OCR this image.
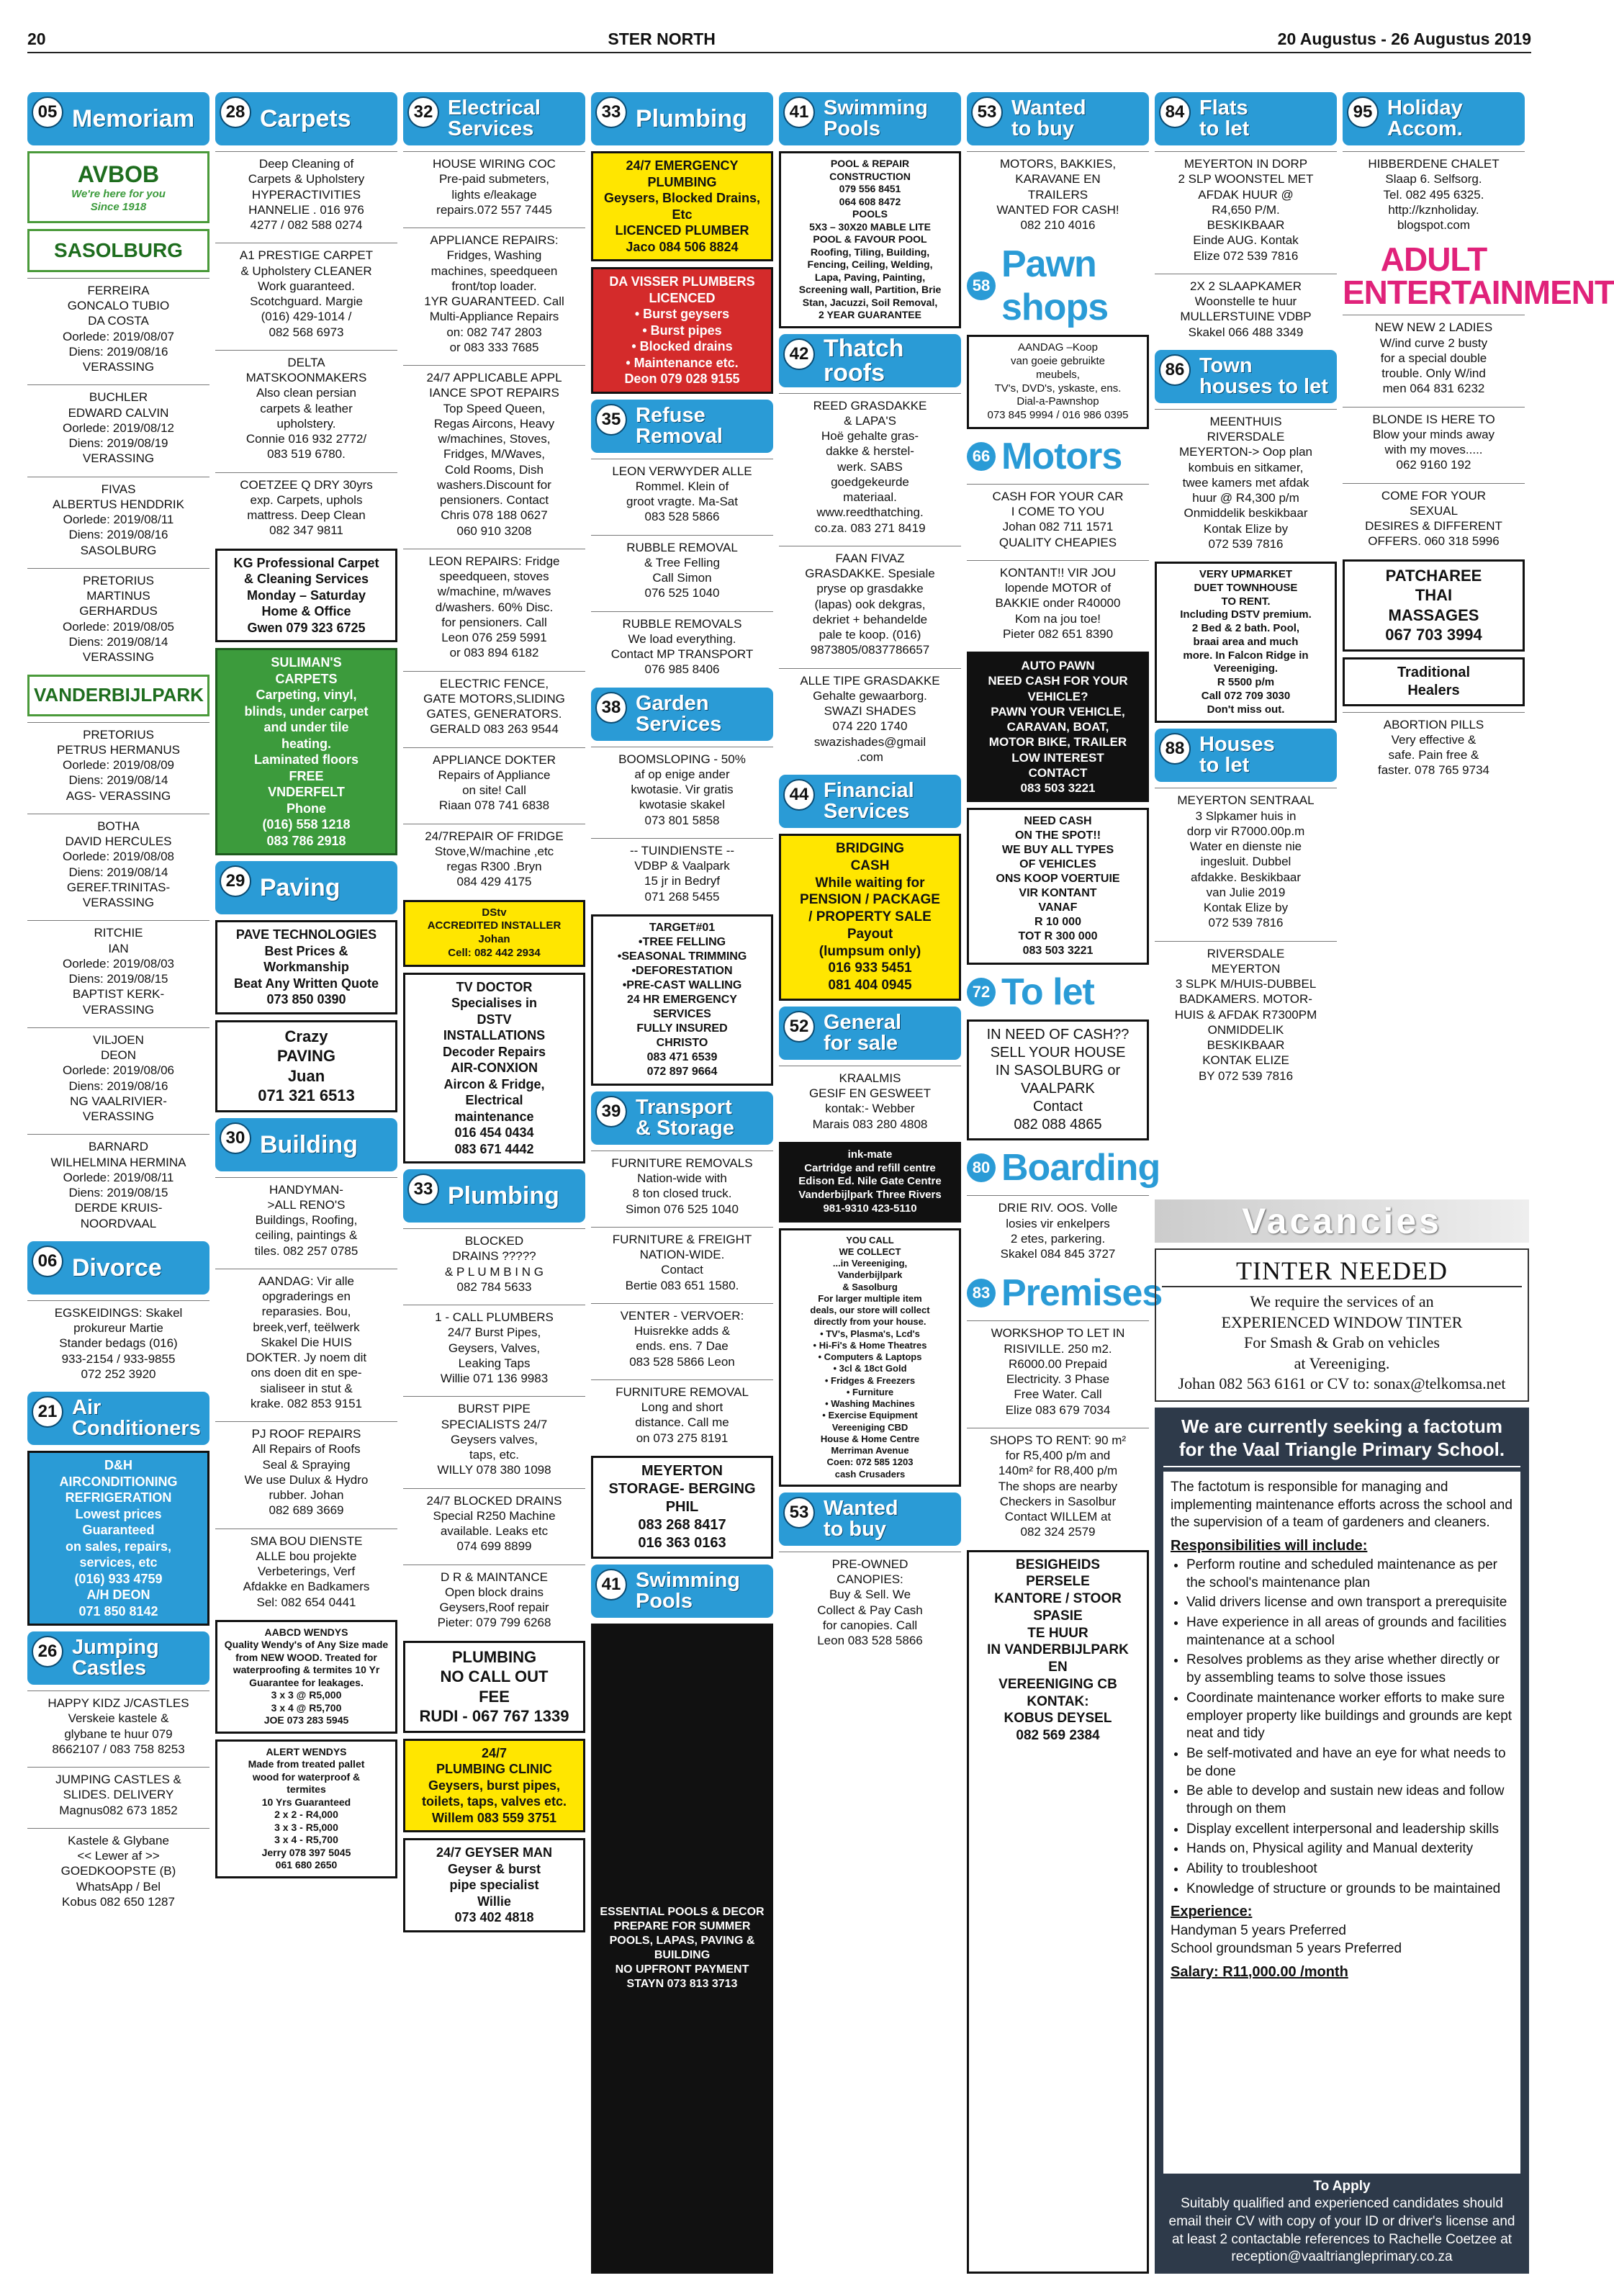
20	STER NORTH	20 Augustus - 26 Augustus 2019
05 Memoriam
AVBOB
We're here for you
Since 1918
SASOLBURG
FERREIRA
GONCALO TUBIO
DA COSTA
Oorlede: 2019/08/07
Diens: 2019/08/16
VERASSING
BUCHLER
EDWARD CALVIN
Oorlede: 2019/08/12
Diens: 2019/08/19
VERASSING
FIVAS
ALBERTUS HENDDRIK
Oorlede: 2019/08/11
Diens: 2019/08/16
SASOLBURG
PRETORIUS
MARTINUS
GERHARDUS
Oorlede: 2019/08/05
Diens: 2019/08/14
VERASSING
VANDERBIJLPARK
PRETORIUS
PETRUS HERMANUS
Oorlede: 2019/08/09
Diens: 2019/08/14
AGS- VERASSING
BOTHA
DAVID HERCULES
Oorlede: 2019/08/08
Diens: 2019/08/14
GEREF.TRINITAS-
VERASSING
RITCHIE
IAN
Oorlede: 2019/08/03
Diens: 2019/08/15
BAPTIST KERK-
VERASSING
VILJOEN
DEON
Oorlede: 2019/08/06
Diens: 2019/08/16
NG VAALRIVIER-
VERASSING
BARNARD
WILHELMINA HERMINA
Oorlede: 2019/08/11
Diens: 2019/08/15
DERDE KRUIS-
NOORDVAAL
06 Divorce
EGSKEIDINGS: Skakel
prokureur Martie
Stander bedags (016)
933-2154 / 933-9855
072 252 3920
21 Air
Conditioners
D&H
AIRCONDITIONING
REFRIGERATION
Lowest prices
Guaranteed
on sales, repairs,
services, etc
(016) 933 4759
A/H DEON
071 850 8142
26 Jumping
Castles
HAPPY KIDZ J/CASTLES
Verskeie kastele &
glybane te huur 079
8662107 / 083 758 8253
JUMPING CASTLES &
SLIDES. DELIVERY
Magnus082 673 1852
Kastele & Glybane
<< Lewer af >>
GOEDKOOPSTE (B)
WhatsApp / Bel
Kobus 082 650 1287
28 Carpets
Deep Cleaning of
Carpets & Upholstery
HYPERACTIVITIES
HANNELIE . 016 976
4277 / 082 588 0274
A1 PRESTIGE CARPET
& Upholstery CLEANER
Work guaranteed.
Scotchguard. Margie
(016) 429-1014 /
082 568 6973
DELTA
MATSKOONMAKERS
Also clean persian
carpets & leather
upholstery.
Connie 016 932 2772/
083 519 6780.
COETZEE Q DRY 30yrs
exp. Carpets, uphols
mattress. Deep Clean
082 347 9811
KG Professional Carpet
& Cleaning Services
Monday – Saturday
Home & Office
Gwen 079 323 6725
SULIMAN'S
CARPETS
Carpeting, vinyl,
blinds, under carpet
and under tile
heating.
Laminated floors
FREE
VNDERFELT
Phone
(016) 558 1218
083 786 2918
29 Paving
PAVE TECHNOLOGIES
Best Prices & Workmanship
Beat Any Written Quote
073 850 0390
Crazy
PAVING
Juan
071 321 6513
30 Building
HANDYMAN-
>ALL RENO'S
Buildings, Roofing,
ceiling, paintings &
tiles. 082 257 0785
AANDAG: Vir alle
opgraderings en
reparasies. Bou,
breek,verf, teëlwerk
Skakel Die HUIS
DOKTER. Jy noem dit
ons doen dit en spe-
sialiseer in stut &
krake. 082 853 9151
PJ ROOF REPAIRS
All Repairs of Roofs
Seal & Spraying
We use Dulux & Hydro
rubber. Johan
082 689 3669
SMA BOU DIENSTE
ALLE bou projekte
Verbeterings, Verf
Afdakke en Badkamers
Sel: 082 654 0441
AABCD WENDYS
Quality Wendy's of Any Size made
from NEW WOOD. Treated for
waterproofing & termites 10 Yr
Guarantee for leakages.
3 x 3 @ R5,000
3 x 4 @ R5,700
JOE 073 283 5945
ALERT WENDYS
Made from treated pallet
wood for waterproof &
termites
10 Yrs Guaranteed
2 x 2 - R4,000
3 x 3 - R5,000
3 x 4 - R5,700
Jerry 078 397 5045
061 680 2650
32 Electrical
Services
HOUSE WIRING COC
Pre-paid submeters,
lights e/leakage
repairs.072 557 7445
APPLIANCE REPAIRS:
Fridges, Washing
machines, speedqueen
front/top loader.
1YR GUARANTEED. Call
Multi-Appliance Repairs
on: 082 747 2803
or 083 333 7685
24/7 APPLICABLE APPL
IANCE SPOT REPAIRS
Top Speed Queen,
Regas Aircons, Heavy
w/machines, Stoves,
Fridges, M/Waves,
Cold Rooms, Dish
washers.Discount for
pensioners. Contact
Chris 078 188 0627
060 910 3208
LEON REPAIRS: Fridge
speedqueen, stoves
w/machine, m/waves
d/washers. 60% Disc.
for pensioners. Call
Leon 076 259 5991
or 083 894 6182
ELECTRIC FENCE,
GATE MOTORS,SLIDING
GATES, GENERATORS.
GERALD 083 263 9544
APPLIANCE DOKTER
Repairs of Appliance
on site! Call
Riaan 078 741 6838
24/7REPAIR OF FRIDGE
Stove,W/machine ,etc
regas R300 .Bryn
084 429 4175
DStv
ACCREDITED INSTALLER
Johan
Cell: 082 442 2934
TV DOCTOR
Specialises in
DSTV
INSTALLATIONS
Decoder Repairs
AIR-CONXION
Aircon & Fridge,
Electrical
maintenance
016 454 0434
083 671 4442
33 Plumbing
BLOCKED
DRAINS ?????
& P L U M B I N G
082 784 5633
1 - CALL PLUMBERS
24/7 Burst Pipes,
Geysers, Valves,
Leaking Taps
Willie 071 136 9983
BURST PIPE
SPECIALISTS 24/7
Geysers valves,
taps, etc.
WILLY 078 380 1098
24/7 BLOCKED DRAINS
Special R250 Machine
available. Leaks etc
074 699 8899
D R & MAINTANCE
Open block drains
Geysers,Roof repair
Pieter: 079 799 6268
PLUMBING
NO CALL OUT
FEE
RUDI - 067 767 1339
24/7
PLUMBING CLINIC
Geysers, burst pipes,
toilets, taps, valves etc.
Willem 083 559 3751
24/7 GEYSER MAN
Geyser & burst
pipe specialist
Willie
073 402 4818
33 Plumbing
24/7 EMERGENCY
PLUMBING
Geysers, Blocked Drains, Etc
LICENCED PLUMBER
Jaco 084 506 8824
DA VISSER PLUMBERS
LICENCED
• Burst geysers
• Burst pipes
• Blocked drains
• Maintenance etc.
Deon 079 028 9155
35 Refuse
Removal
LEON VERWYDER ALLE
Rommel. Klein of
groot vragte. Ma-Sat
083 528 5866
RUBBLE REMOVAL
& Tree Felling
Call Simon
076 525 1040
RUBBLE REMOVALS
We load everything.
Contact MP TRANSPORT
076 985 8406
38 Garden
Services
BOOMSLOPING - 50%
af op enige ander
kwotasie. Vir gratis
kwotasie skakel
073 801 5858
-- TUINDIENSTE --
VDBP & Vaalpark
15 jr in Bedryf
071 268 5455
TARGET#01
•TREE FELLING
•SEASONAL TRIMMING
•DEFORESTATION
•PRE-CAST WALLING
24 HR EMERGENCY SERVICES
FULLY INSURED
CHRISTO
083 471 6539
072 897 9664
39 Transport
& Storage
FURNITURE REMOVALS
Nation-wide with
8 ton closed truck.
Simon 076 525 1040
FURNITURE & FREIGHT
NATION-WIDE.
Contact
Bertie 083 651 1580.
VENTER - VERVOER:
Huisrekke adds &
ends. ens. 7 Dae
083 528 5866 Leon
FURNITURE REMOVAL
Long and short
distance. Call me
on 073 275 8191
MEYERTON
STORAGE- BERGING
PHIL
083 268 8417
016 363 0163
41 Swimming
Pools
ESSENTIAL POOLS & DECOR
PREPARE FOR SUMMER
POOLS, LAPAS, PAVING &
BUILDING
NO UPFRONT PAYMENT
STAYN 073 813 3713
41 Swimming
Pools
POOL & REPAIR
CONSTRUCTION
079 556 8451
064 608 8472
POOLS
5X3 – 30X20 MABLE LITE
POOL & FAVOUR POOL
Roofing, Tiling, Building,
Fencing, Ceiling, Welding,
Lapa, Paving, Painting,
Screening wall, Partition, Brie
Stan, Jacuzzi, Soil Removal,
2 YEAR GUARANTEE
42 Thatch roofs
REED GRASDAKKE
& LAPA'S
Hoë gehalte gras-
dakke & herstel-
werk. SABS
goedgekeurde
materiaal.
www.reedthatching.
co.za. 083 271 8419
FAAN FIVAZ
GRASDAKKE. Spesiale
pryse op grasdakke
(lapas) ook dekgras,
dekriet + behandelde
pale te koop. (016)
9873805/0837786657
ALLE TIPE GRASDAKKE
Gehalte gewaarborg.
SWAZI SHADES
074 220 1740
swazishades@gmail
.com
44 Financial
Services
BRIDGING
CASH
While waiting for
PENSION / PACKAGE
/ PROPERTY SALE
Payout
(lumpsum only)
016 933 5451
081 404 0945
52 General
for sale
KRAALMIS
GESIF EN GESWEET
kontak:- Webber
Marais 083 280 4808
ink-mate
Cartridge and refill centre
Edison Ed. Nile Gate Centre
Vanderbijlpark Three Rivers
981-9310 423-5110
YOU CALL
WE COLLECT
...in Vereeniging,
Vanderbijlpark
& Sasolburg
For larger multiple item
deals, our store will collect
directly from your house.
• TV's, Plasma's, Lcd's
• Hi-Fi's & Home Theatres
• Computers & Laptops
• 3cl & 18ct Gold
• Fridges & Freezers
• Furniture
• Washing Machines
• Exercise Equipment
Vereeniging CBD
House & Home Centre
Merriman Avenue
Coen: 072 585 1203
cash Crusaders
53 Wanted
to buy
PRE-OWNED
CANOPIES:
Buy & Sell. We
Collect & Pay Cash
for canopies. Call
Leon 083 528 5866
53 Wanted
to buy
MOTORS, BAKKIES,
KARAVANE EN
TRAILERS
WANTED FOR CASH!
082 210 4016
58
Pawn shops
AANDAG –Koop
van goeie gebruikte
meubels,
TV's, DVD's, yskaste, ens.
Dial-a-Pawnshop
073 845 9994 / 016 986 0395
66 Motors
CASH FOR YOUR CAR
I COME TO YOU
Johan 082 711 1571
QUALITY CHEAPIES
KONTANT!! VIR JOU
lopende MOTOR of
BAKKIE onder R40000
Kom na jou toe!
Pieter 082 651 8390
AUTO PAWN
NEED CASH FOR YOUR
VEHICLE?
PAWN YOUR VEHICLE,
CARAVAN, BOAT,
MOTOR BIKE, TRAILER
LOW INTEREST
CONTACT
083 503 3221
NEED CASH
ON THE SPOT!!
WE BUY ALL TYPES
OF VEHICLES
ONS KOOP VOERTUIE
VIR KONTANT
VANAF
R 10 000
TOT R 300 000
083 503 3221
72 To let
IN NEED OF CASH??
SELL YOUR HOUSE
IN SASOLBURG or
VAALPARK
Contact
082 088 4865
80 Boarding
DRIE RIV. OOS. Volle
losies vir enkelpers
2 etes, parkering.
Skakel 084 845 3727
83 Premises
WORKSHOP TO LET IN
RISIVILLE. 250 m2.
R6000.00 Prepaid
Electricity. 3 Phase
Free Water. Call
Elize 083 679 7034
SHOPS TO RENT: 90 m²
for R5,400 p/m and
140m² for R8,400 p/m
The shops are nearby
Checkers in Sasolbur
Contact WILLEM at
082 324 2579
BESIGHEIDS
PERSELE
KANTORE / STOOR
SPASIE
TE HUUR
IN VANDERBIJLPARK
EN
VEREENIGING CB
KONTAK:
KOBUS DEYSEL
082 569 2384
84 Flats
to let
MEYERTON IN DORP
2 SLP WOONSTEL MET
AFDAK HUUR @
R4,650 P/M.
BESKIKBAAR
Einde AUG. Kontak
Elize 072 539 7816
2X 2 SLAAPKAMER
Woonstelle te huur
MULLERSTUINE VDBP
Skakel 066 488 3349
86 Town
houses to let
MEENTHUIS
RIVERSDALE
MEYERTON-> Oop plan
kombuis en sitkamer,
twee kamers met afdak
huur @ R4,300 p/m
Onmiddelik beskikbaar
Kontak Elize by
072 539 7816
VERY UPMARKET
DUET TOWNHOUSE
TO RENT.
Including DSTV premium.
2 Bed & 2 bath. Pool,
braai area and much
more. In Falcon Ridge in
Vereeniging.
R 5500 p/m
Call 072 709 3030
Don't miss out.
88 Houses
to let
MEYERTON SENTRAAL
3 Slpkamer huis in
dorp vir R7000.00p.m
Water en dienste nie
ingesluit. Dubbel
afdakke. Beskikbaar
van Julie 2019
Kontak Elize by
072 539 7816
RIVERSDALE
MEYERTON
3 SLPK M/HUIS-DUBBEL
BADKAMERS. MOTOR-
HUIS & AFDAK R7300PM
ONMIDDELIK
BESKIKBAAR
KONTAK ELIZE
BY 072 539 7816
95 Holiday
Accom.
HIBBERDENE CHALET
Slaap 6. Selfsorg.
Tel. 082 495 6325.
http://kznholiday.
blogspot.com
ADULT ENTERTAINMENT
NEW NEW 2 LADIES
W/ind curve 2 busty
for a special double
trouble. Only W/ind
men 064 831 6232
BLONDE IS HERE TO
Blow your minds away
with my moves.....
062 9160 192
COME FOR YOUR
SEXUAL
DESIRES & DIFFERENT
OFFERS. 060 318 5996
PATCHAREE
THAI
MASSAGES
067 703 3994
Traditional
Healers
ABORTION PILLS
Very effective &
safe. Pain free &
faster. 078 765 9734
Vacancies
TINTER NEEDED

We require the services of an
EXPERIENCED WINDOW TINTER
For Smash & Grab on vehicles
at Vereeniging.
Johan 082 563 6161 or CV to: sonax@telkomsa.net

We are currently seeking a factotum
for the Vaal Triangle Primary School.

The factotum is responsible for managing and implementing maintenance efforts across the school and the supervision of a team of gardeners and cleaners.

Responsibilities will include:
• Perform routine and scheduled maintenance as per the school's maintenance plan
• Valid drivers license and own transport a prerequisite
• Have experience in all areas of grounds and facilities maintenance at a school
• Resolves problems as they arise whether directly or by assembling teams to solve those issues
• Coordinate maintenance worker efforts to make sure employer property like buildings and grounds are kept neat and tidy
• Be self-motivated and have an eye for what needs to be done
• Be able to develop and sustain new ideas and follow through on them
• Display excellent interpersonal and leadership skills
• Hands on, Physical agility and Manual dexterity
• Ability to troubleshoot
• Knowledge of structure or grounds to be maintained
Experience:

Handyman 5 years Preferred
School groundsman 5 years Preferred

Salary: R11,000.00 /month
To Apply
Suitably qualified and experienced candidates should email their CV with copy of your ID or driver's license and at least 2 contactable references to Rachelle Coetzee at reception@vaaltriangleprimary.co.za
